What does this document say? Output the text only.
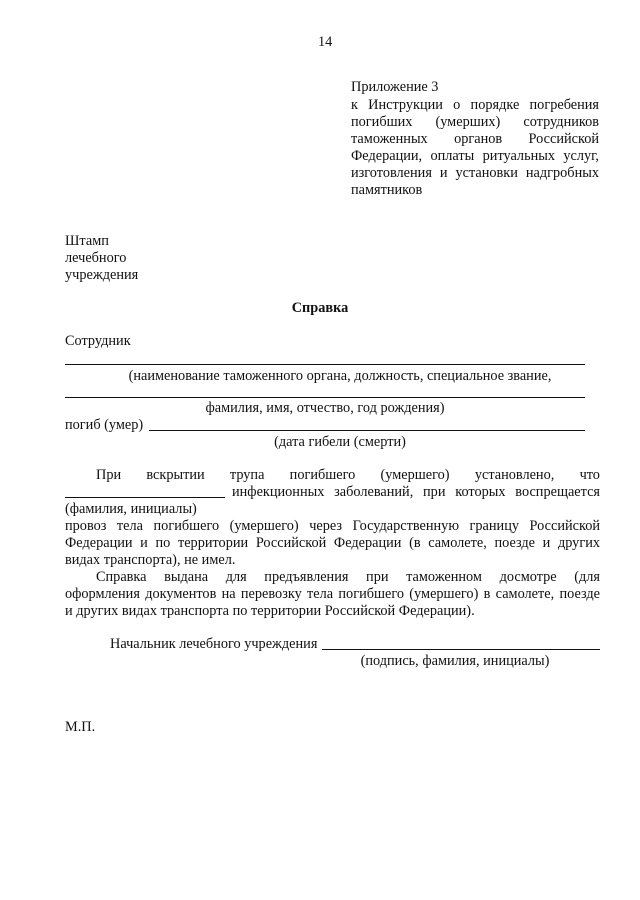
14
Приложение 3
к Инструкции о порядке погребения
погибших (умерших) сотрудников
таможенных органов Российской
Федерации, оплаты ритуальных услуг,
изготовления и установки надгробных
памятников
Штамп
лечебного
учреждения
Справка
Сотрудник
(наименование таможенного органа, должность, специальное звание,
фамилия, имя, отчество, год рождения)
погиб (умер)
(дата гибели (смерти)
При вскрытии трупа погибшего (умершего) установлено, что
инфекционных заболеваний, при которых воспрещается
(фамилия, инициалы)
провоз тела погибшего (умершего) через Государственную границу Российской
Федерации и по территории Российской Федерации (в самолете, поезде и других
видах транспорта), не имел.
Справка выдана для предъявления при таможенном досмотре (для
оформления документов на перевозку тела погибшего (умершего) в самолете, поезде
и других видах транспорта по территории Российской Федерации).
Начальник лечебного учреждения
(подпись, фамилия, инициалы)
М.П.
